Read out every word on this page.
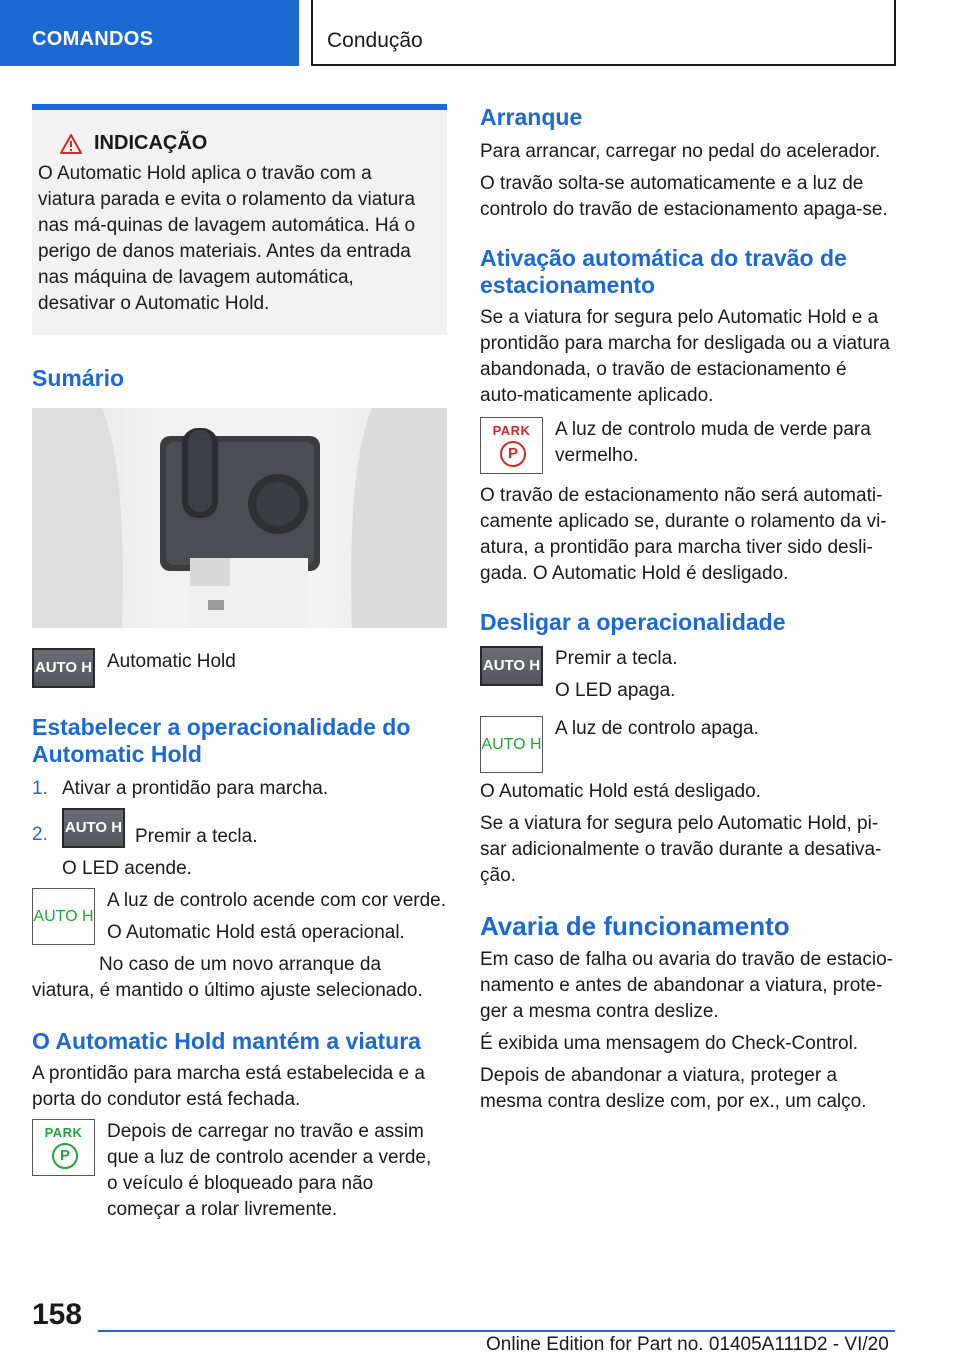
COMANDOS	Condução
INDICAÇÃO

O Automatic Hold aplica o travão com a viatura parada e evita o rolamento da viatura nas má-quinas de lavagem automática. Há o perigo de danos materiais. Antes da entrada nas máquina de lavagem automática, desativar o Automatic Hold.

Sumário
AUTO H Automatic Hold

Estabelecer a operacionalidade do Automatic Hold
1. Ativar a prontidão para marcha.
2.	AUTO H Premir a tecla.

O LED acende.

AUTO H

A luz de controlo acende com cor verde.

O Automatic Hold está operacional.

No caso de um novo arranque da viatura, é mantido o último ajuste selecionado.

O Automatic Hold mantém a viatura

A prontidão para marcha está estabelecida e a porta do condutor está fechada.

PARK
P

Depois de carregar no travão e assim que a luz de controlo acender a verde, o veículo é bloqueado para não começar a rolar livremente.

Arranque

Para arrancar, carregar no pedal do acelerador.

O travão solta-se automaticamente e a luz de controlo do travão de estacionamento apaga-se.

Ativação automática do travão de estacionamento

Se a viatura for segura pelo Automatic Hold e a prontidão para marcha for desligada ou a viatura abandonada, o travão de estacionamento é auto-maticamente aplicado.

PARK
P

A luz de controlo muda de verde para vermelho.

O travão de estacionamento não será automati-camente aplicado se, durante o rolamento da vi-atura, a prontidão para marcha tiver sido desli-gada. O Automatic Hold é desligado.

Desligar a operacionalidade
AUTO H Premir a tecla.

O LED apaga.

AUTO H

A luz de controlo apaga.

O Automatic Hold está desligado.

Se a viatura for segura pelo Automatic Hold, pi-sar adicionalmente o travão durante a desativa-ção.

Avaria de funcionamento

Em caso de falha ou avaria do travão de estacio-namento e antes de abandonar a viatura, prote-ger a mesma contra deslize.

É exibida uma mensagem do Check-Control.

Depois de abandonar a viatura, proteger a mesma contra deslize com, por ex., um calço.

158
Online Edition for Part no. 01405A111D2 - VI/20
